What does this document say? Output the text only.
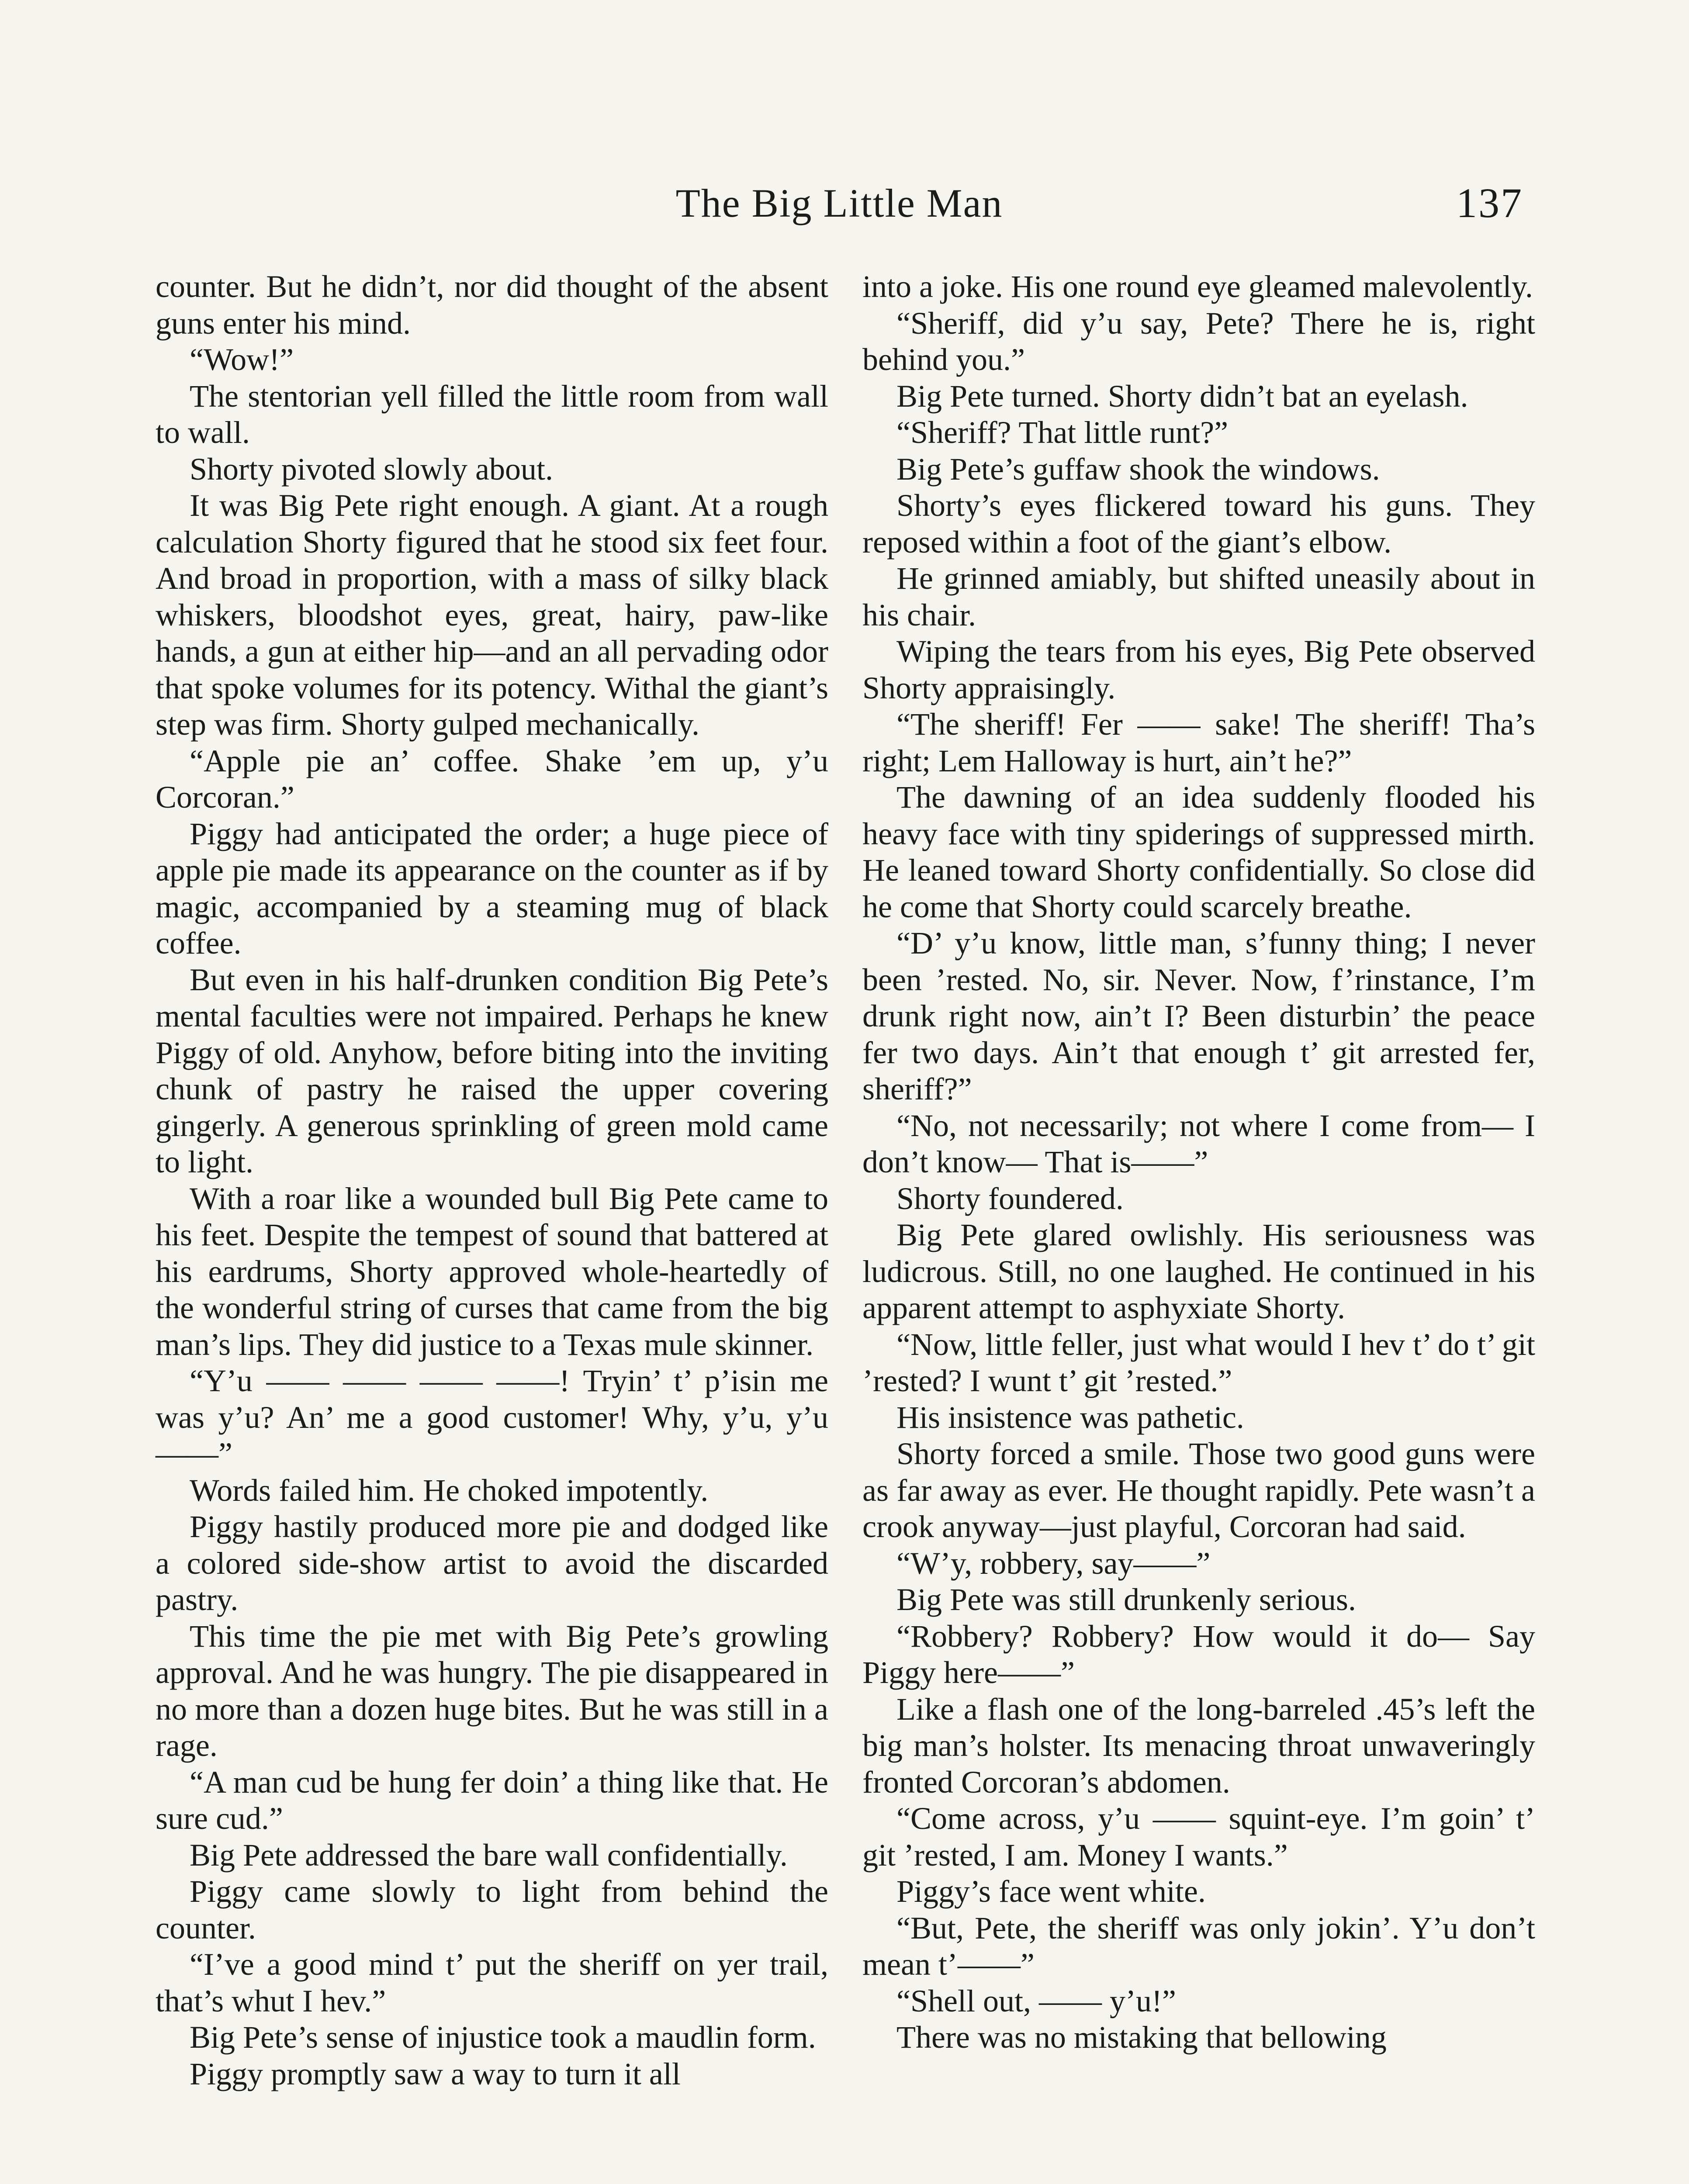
The Big Little Man	137

counter. But he didn’t, nor did thought of the absent guns enter his mind.

“Wow!”

The stentorian yell filled the little room from wall to wall.

Shorty pivoted slowly about.

It was Big Pete right enough. A giant. At a rough calculation Shorty figured that he stood six feet four. And broad in proportion, with a mass of silky black whiskers, bloodshot eyes, great, hairy, paw-like hands, a gun at either hip—and an all pervading odor that spoke volumes for its potency. Withal the giant’s step was firm. Shorty gulped mechanically.

“Apple pie an’ coffee. Shake ’em up, y’u Corcoran.”

Piggy had anticipated the order; a huge piece of apple pie made its appearance on the counter as if by magic, accompanied by a steaming mug of black coffee.

But even in his half-drunken condition Big Pete’s mental faculties were not impaired. Perhaps he knew Piggy of old. Anyhow, before biting into the inviting chunk of pastry he raised the upper covering gingerly. A generous sprinkling of green mold came to light.

With a roar like a wounded bull Big Pete came to his feet. Despite the tempest of sound that battered at his eardrums, Shorty approved whole-heartedly of the wonderful string of curses that came from the big man’s lips. They did justice to a Texas mule skinner.

“Y’u —— —— —— ——! Tryin’ t’ p’isin me was y’u? An’ me a good customer! Why, y’u, y’u——”

Words failed him. He choked impotently.

Piggy hastily produced more pie and dodged like a colored side-show artist to avoid the discarded pastry.

This time the pie met with Big Pete’s growling approval. And he was hungry. The pie disappeared in no more than a dozen huge bites. But he was still in a rage.

“A man cud be hung fer doin’ a thing like that. He sure cud.”

Big Pete addressed the bare wall confidentially.

Piggy came slowly to light from behind the counter.

“I’ve a good mind t’ put the sheriff on yer trail, that’s whut I hev.”

Big Pete’s sense of injustice took a maudlin form.

Piggy promptly saw a way to turn it all

into a joke. His one round eye gleamed malevolently.

“Sheriff, did y’u say, Pete? There he is, right behind you.”

Big Pete turned. Shorty didn’t bat an eyelash.

“Sheriff? That little runt?”

Big Pete’s guffaw shook the windows.

Shorty’s eyes flickered toward his guns. They reposed within a foot of the giant’s elbow.

He grinned amiably, but shifted uneasily about in his chair.

Wiping the tears from his eyes, Big Pete observed Shorty appraisingly.

“The sheriff! Fer —— sake! The sheriff! Tha’s right; Lem Halloway is hurt, ain’t he?”

The dawning of an idea suddenly flooded his heavy face with tiny spiderings of suppressed mirth. He leaned toward Shorty confidentially. So close did he come that Shorty could scarcely breathe.

“D’ y’u know, little man, s’funny thing; I never been ’rested. No, sir. Never. Now, f’rinstance, I’m drunk right now, ain’t I? Been disturbin’ the peace fer two days. Ain’t that enough t’ git arrested fer, sheriff?”

“No, not necessarily; not where I come from— I don’t know— That is——”

Shorty foundered.

Big Pete glared owlishly. His seriousness was ludicrous. Still, no one laughed. He continued in his apparent attempt to asphyxiate Shorty.

“Now, little feller, just what would I hev t’ do t’ git ’rested? I wunt t’ git ’rested.”

His insistence was pathetic.

Shorty forced a smile. Those two good guns were as far away as ever. He thought rapidly. Pete wasn’t a crook anyway—just playful, Corcoran had said.

“W’y, robbery, say——”

Big Pete was still drunkenly serious.

“Robbery? Robbery? How would it do— Say Piggy here——”

Like a flash one of the long-barreled .45’s left the big man’s holster. Its menacing throat unwaveringly fronted Corcoran’s abdomen.

“Come across, y’u —— squint-eye. I’m goin’ t’ git ’rested, I am. Money I wants.”

Piggy’s face went white.

“But, Pete, the sheriff was only jokin’. Y’u don’t mean t’——”

“Shell out, —— y’u!”

There was no mistaking that bellowing
